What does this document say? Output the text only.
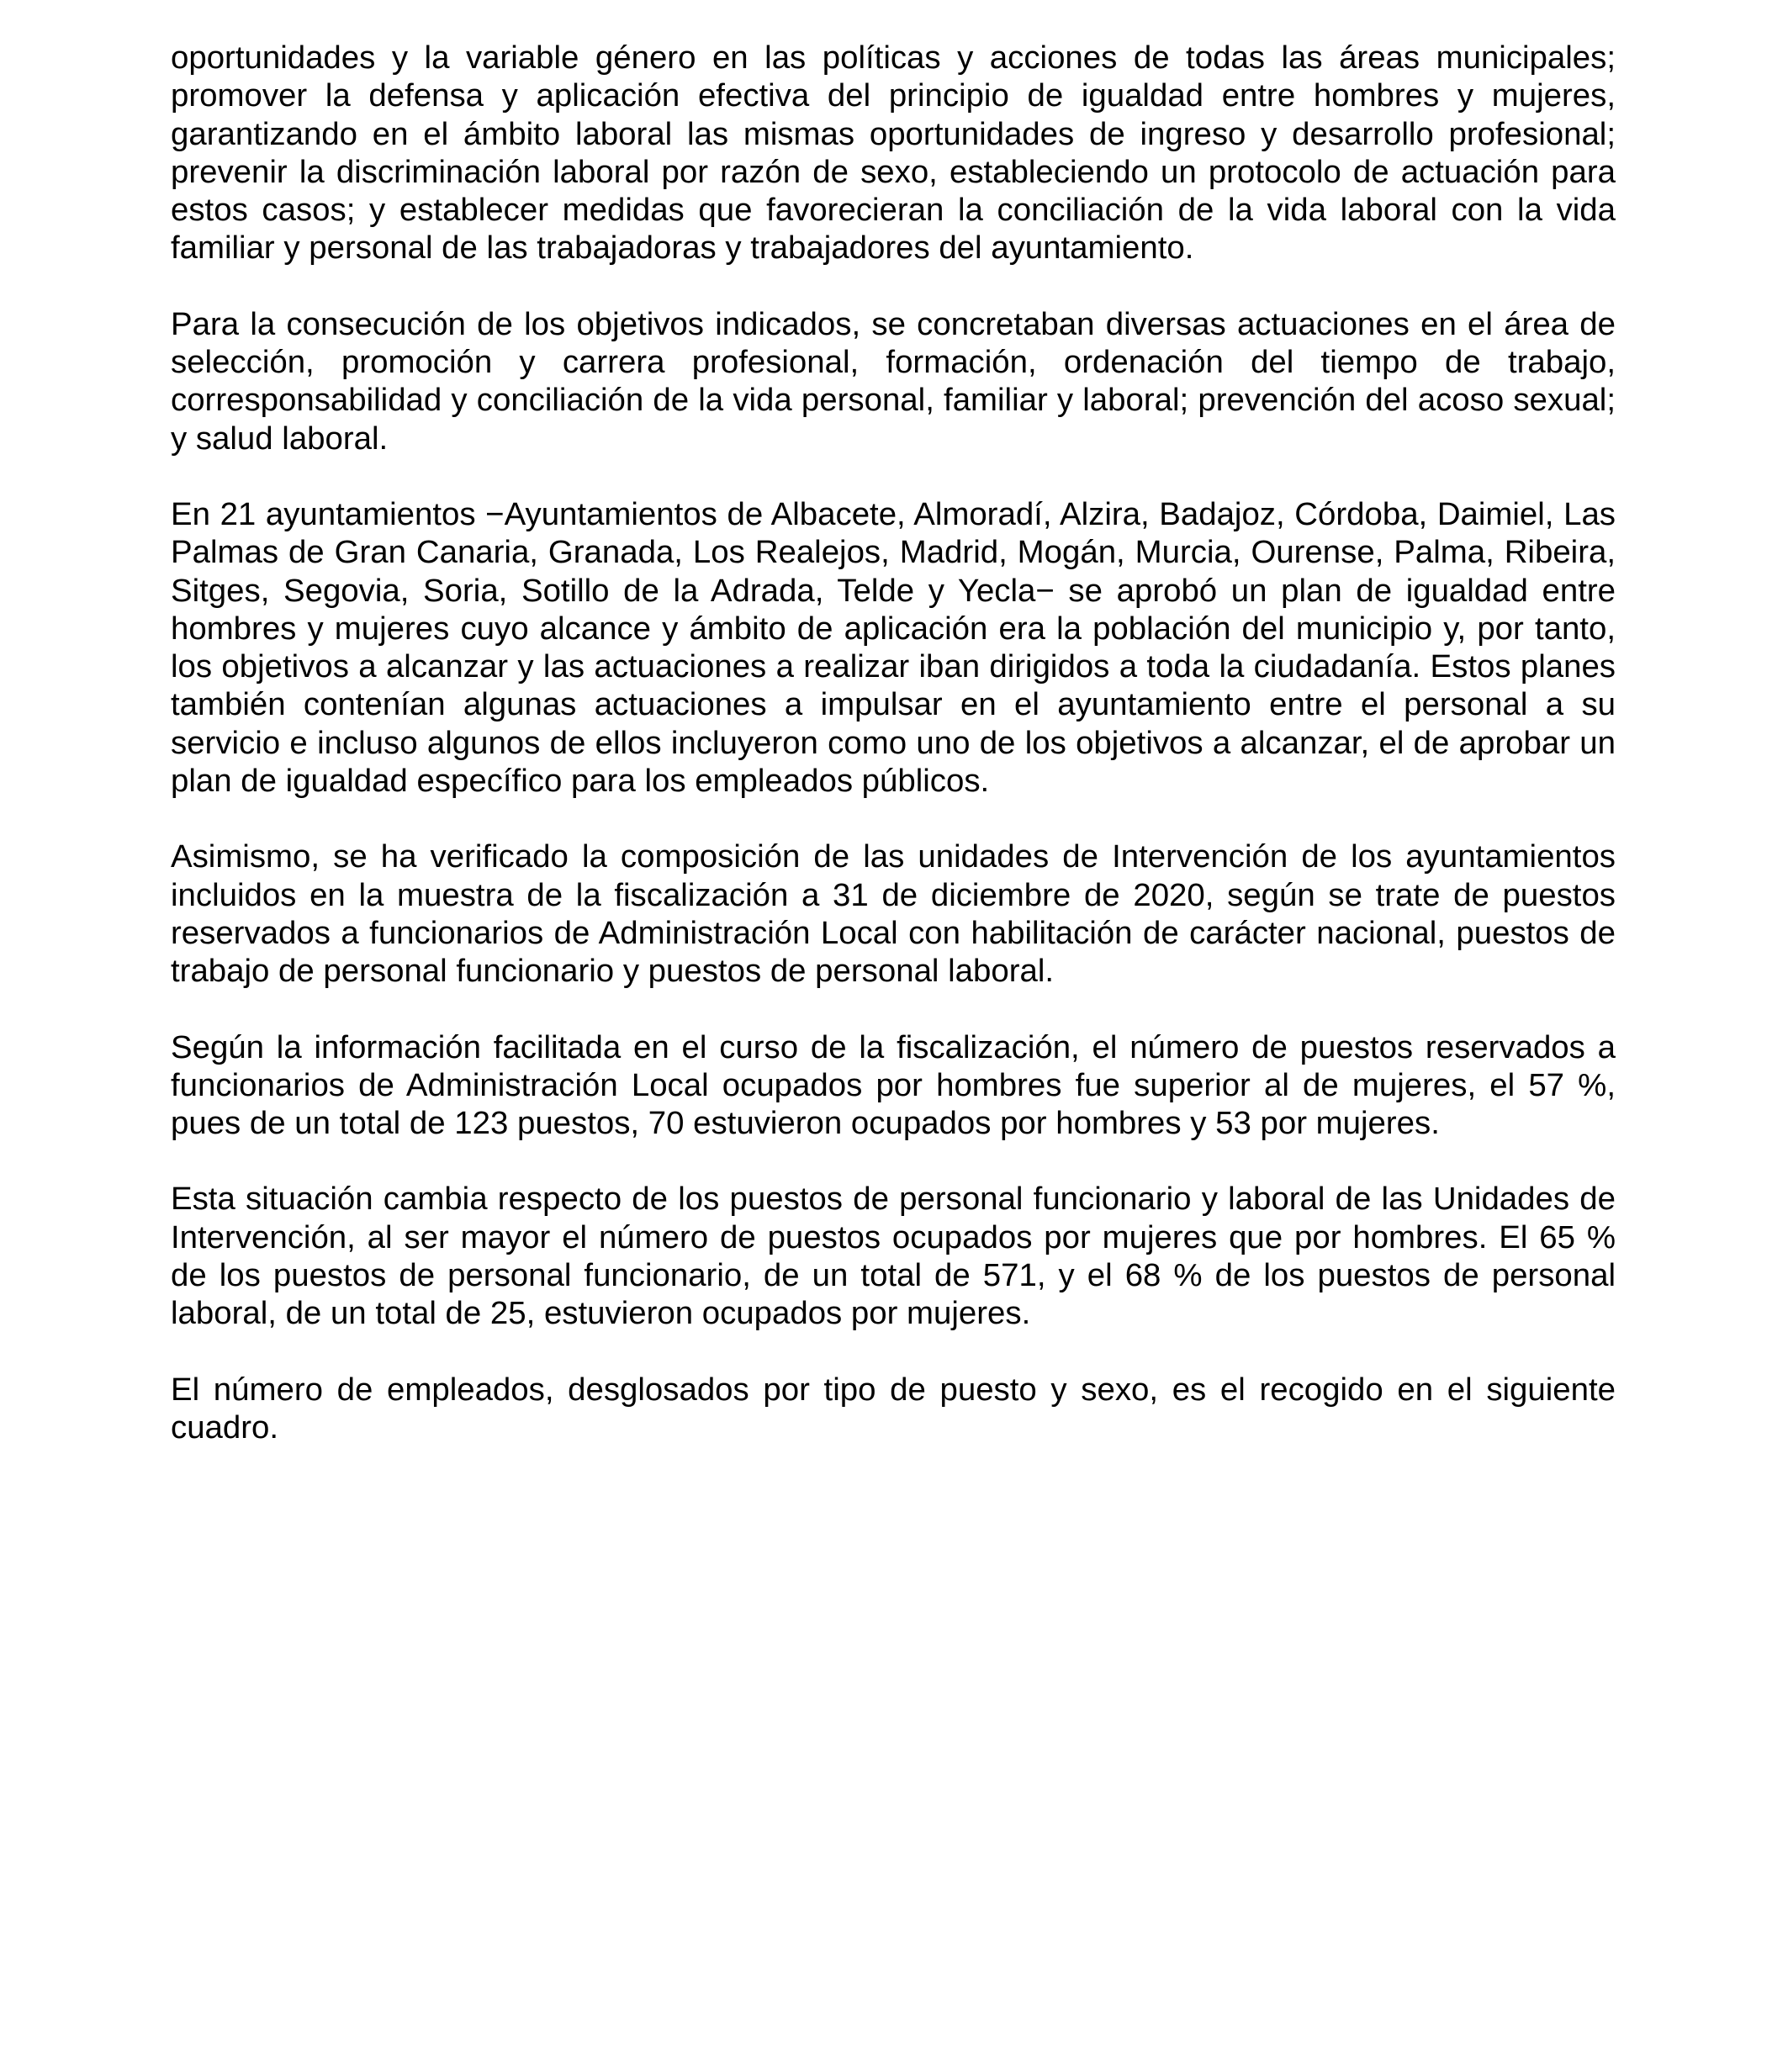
oportunidades y la variable género en las políticas y acciones de todas las áreas municipales; promover la defensa y aplicación efectiva del principio de igualdad entre hombres y mujeres, garantizando en el ámbito laboral las mismas oportunidades de ingreso y desarrollo profesional; prevenir la discriminación laboral por razón de sexo, estableciendo un protocolo de actuación para estos casos; y establecer medidas que favorecieran la conciliación de la vida laboral con la vida familiar y personal de las trabajadoras y trabajadores del ayuntamiento.

Para la consecución de los objetivos indicados, se concretaban diversas actuaciones en el área de selección, promoción y carrera profesional, formación, ordenación del tiempo de trabajo, corresponsabilidad y conciliación de la vida personal, familiar y laboral; prevención del acoso sexual; y salud laboral.

En 21 ayuntamientos −Ayuntamientos de Albacete, Almoradí, Alzira, Badajoz, Córdoba, Daimiel, Las Palmas de Gran Canaria, Granada, Los Realejos, Madrid, Mogán, Murcia, Ourense, Palma, Ribeira, Sitges, Segovia, Soria, Sotillo de la Adrada, Telde y Yecla− se aprobó un plan de igualdad entre hombres y mujeres cuyo alcance y ámbito de aplicación era la población del municipio y, por tanto, los objetivos a alcanzar y las actuaciones a realizar iban dirigidos a toda la ciudadanía. Estos planes también contenían algunas actuaciones a impulsar en el ayuntamiento entre el personal a su servicio e incluso algunos de ellos incluyeron como uno de los objetivos a alcanzar, el de aprobar un plan de igualdad específico para los empleados públicos.

Asimismo, se ha verificado la composición de las unidades de Intervención de los ayuntamientos incluidos en la muestra de la fiscalización a 31 de diciembre de 2020, según se trate de puestos reservados a funcionarios de Administración Local con habilitación de carácter nacional, puestos de trabajo de personal funcionario y puestos de personal laboral.

Según la información facilitada en el curso de la fiscalización, el número de puestos reservados a funcionarios de Administración Local ocupados por hombres fue superior al de mujeres, el 57 %, pues de un total de 123 puestos, 70 estuvieron ocupados por hombres y 53 por mujeres.

Esta situación cambia respecto de los puestos de personal funcionario y laboral de las Unidades de Intervención, al ser mayor el número de puestos ocupados por mujeres que por hombres. El 65 % de los puestos de personal funcionario, de un total de 571, y el 68 % de los puestos de personal laboral, de un total de 25, estuvieron ocupados por mujeres.

El número de empleados, desglosados por tipo de puesto y sexo, es el recogido en el siguiente cuadro.
